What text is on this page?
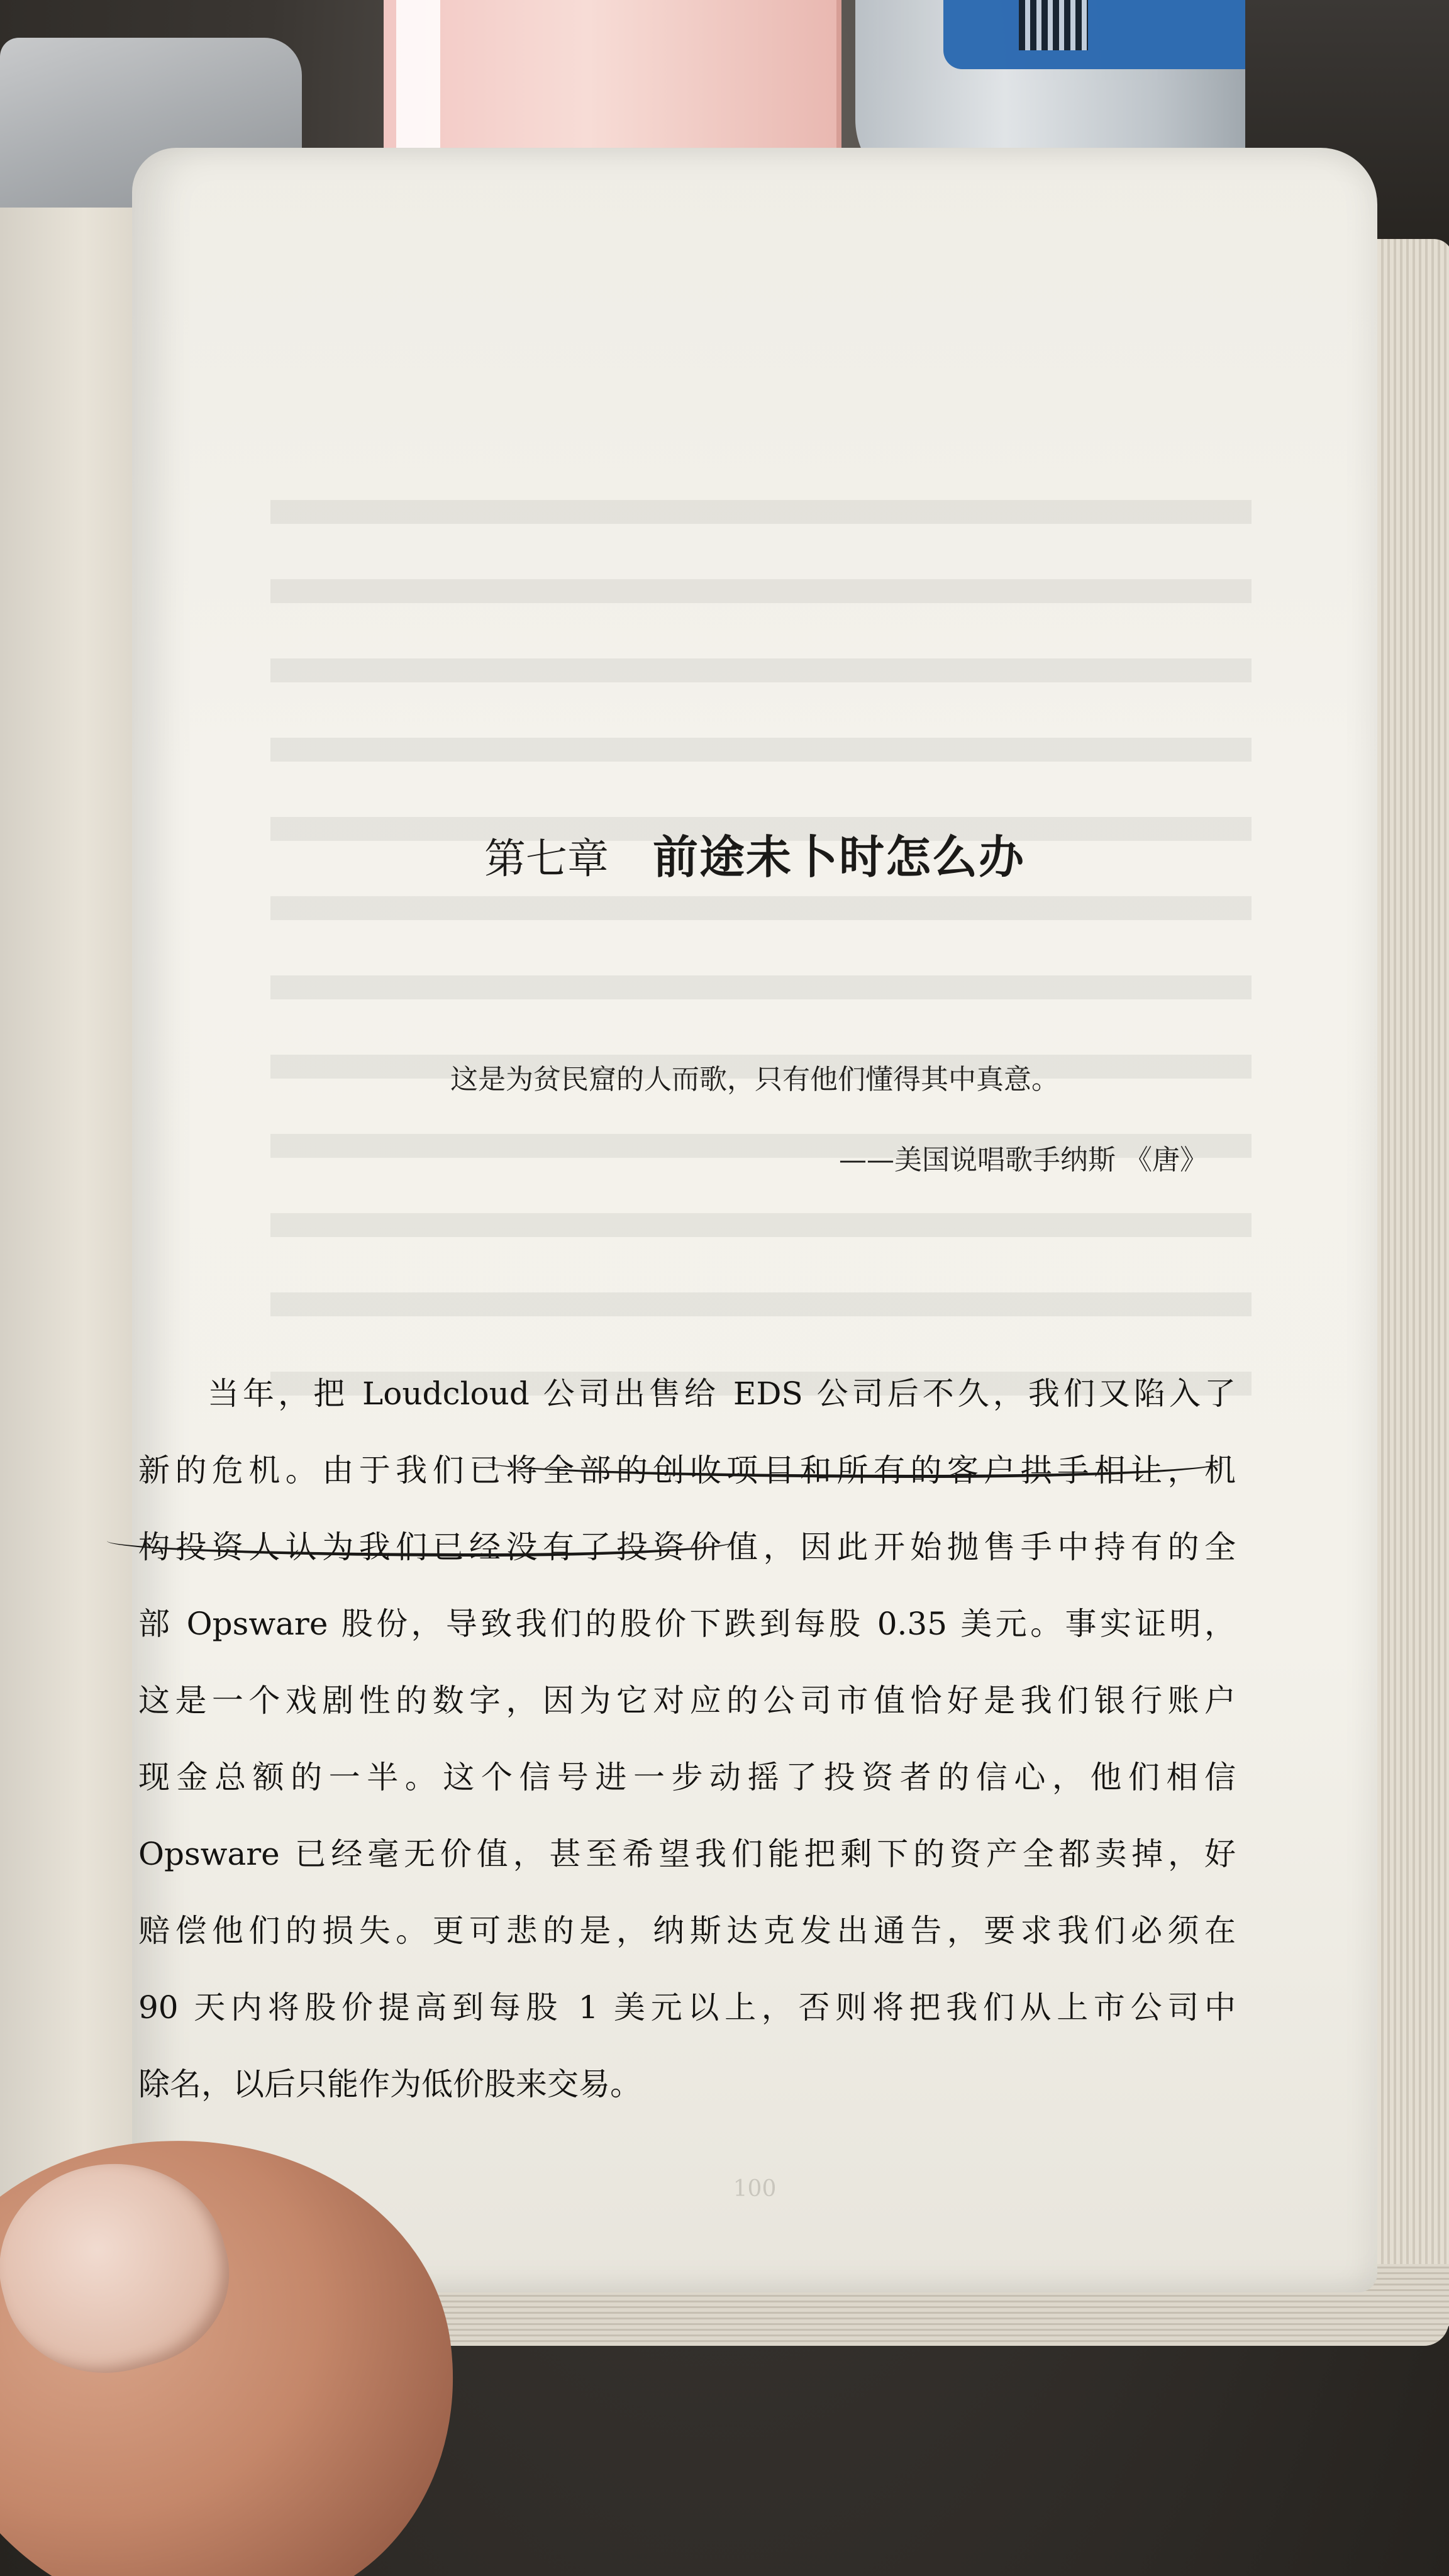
第七章 前途未卜时怎么办
这是为贫民窟的人而歌，只有他们懂得其中真意。
——美国说唱歌手纳斯 《唐》
当年，把 Loudcloud 公司出售给 EDS 公司后不久，我们又陷入了
新的危机。由于我们已将全部的创收项目和所有的客户拱手相让，机
构投资人认为我们已经没有了投资价值，因此开始抛售手中持有的全
部 Opsware 股份，导致我们的股价下跌到每股 0.35 美元。事实证明，
这是一个戏剧性的数字，因为它对应的公司市值恰好是我们银行账户
现金总额的一半。这个信号进一步动摇了投资者的信心，他们相信
Opsware 已经毫无价值，甚至希望我们能把剩下的资产全都卖掉，好
赔偿他们的损失。更可悲的是，纳斯达克发出通告，要求我们必须在
90 天内将股价提高到每股 1 美元以上，否则将把我们从上市公司中
除名，以后只能作为低价股来交易。
100
